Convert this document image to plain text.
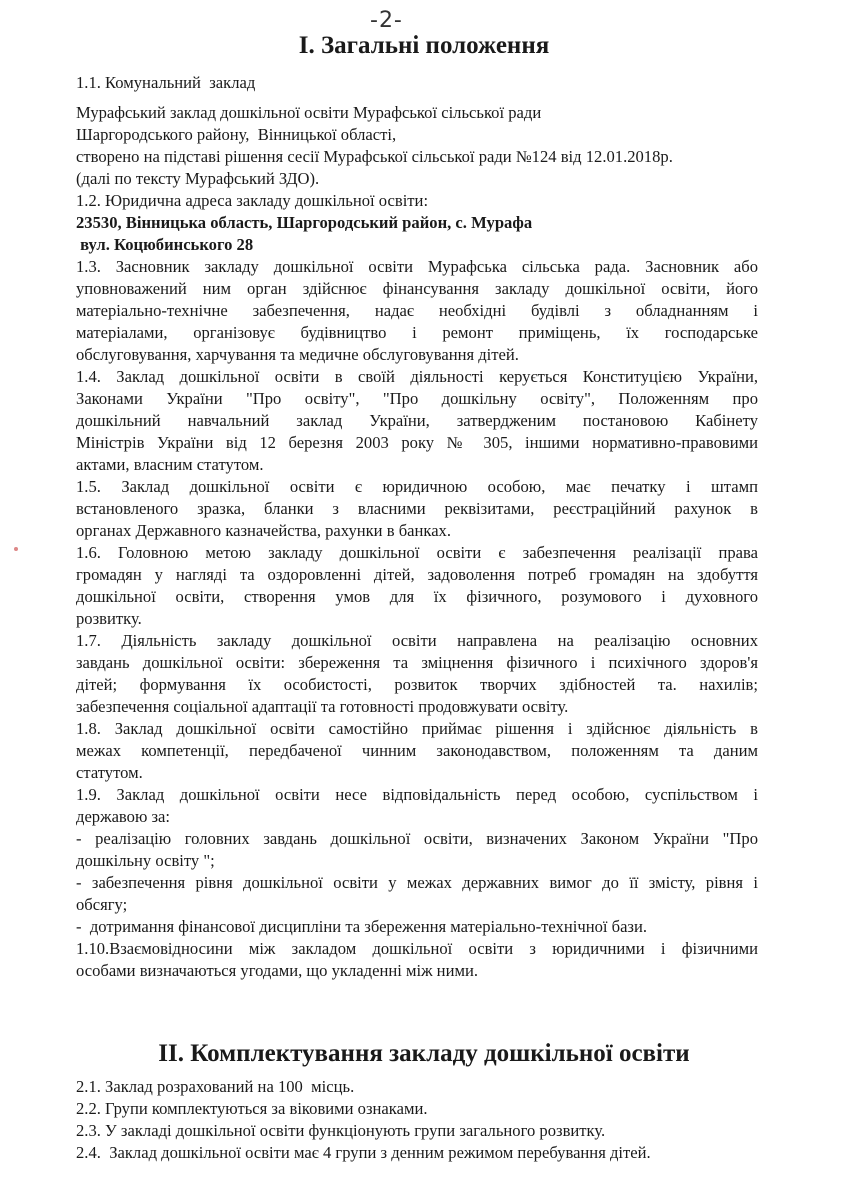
-2-
I. Загальні положення
1.1. Комунальний  заклад
Мурафський заклад дошкільної освіти Мурафської сільської ради
Шаргородського району,  Вінницької області,
створено на підставі рішення сесії Мурафської сільської ради №124 від 12.01.2018р.
(далі по тексту Мурафський ЗДО).
1.2. Юридична адреса закладу дошкільної освіти:
23530, Вінницька область, Шаргородський район, с. Мурафа
вул. Коцюбинського 28
1.3. Засновник закладу дошкільної освіти Мурафська сільська рада. Засновник або
уповноважений ним орган здійснює фінансування закладу дошкільної освіти, його
матеріально-технічне забезпечення, надає необхідні будівлі з обладнанням і
матеріалами, організовує будівництво і ремонт приміщень, їх господарське
обслуговування, харчування та медичне обслуговування дітей.
1.4. Заклад дошкільної освіти в своїй діяльності керується Конституцією України,
Законами України "Про освіту", "Про дошкільну освіту", Положенням про
дошкільний навчальний заклад України, затвердженим постановою Кабінету
Міністрів України від 12 березня 2003 року № 305, іншими нормативно-правовими
актами, власним статутом.
1.5. Заклад дошкільної освіти є юридичною особою, має печатку і штамп
встановленого зразка, бланки з власними реквізитами, реєстраційний рахунок в
органах Державного казначейства, рахунки в банках.
1.6. Головною метою закладу дошкільної освіти є забезпечення реалізації права
громадян у нагляді та оздоровленні дітей, задоволення потреб громадян на здобуття
дошкільної освіти, створення умов для їх фізичного, розумового і духовного
розвитку.
1.7. Діяльність закладу дошкільної освіти направлена на реалізацію основних
завдань дошкільної освіти: збереження та зміцнення фізичного і психічного здоров'я
дітей; формування їх особистості, розвиток творчих здібностей та. нахилів;
забезпечення соціальної адаптації та готовності продовжувати освіту.
1.8. Заклад дошкільної освіти самостійно приймає рішення і здійснює діяльність в
межах компетенції, передбаченої чинним законодавством, положенням та даним
статутом.
1.9. Заклад дошкільної освіти несе відповідальність перед особою, суспільством і
державою за:
- реалізацію головних завдань дошкільної освіти, визначених Законом України "Про
дошкільну освіту ";
- забезпечення рівня дошкільної освіти у межах державних вимог до її змісту, рівня і
обсягу;
-  дотримання фінансової дисципліни та збереження матеріально-технічної бази.
1.10.Взаємовідносини між закладом дошкільної освіти з юридичними і фізичними
особами визначаються угодами, що укладенні між ними.
II. Комплектування закладу дошкільної освіти
2.1. Заклад розрахований на 100  місць.
2.2. Групи комплектуються за віковими ознаками.
2.3. У закладі дошкільної освіти функціонують групи загального розвитку.
2.4.  Заклад дошкільної освіти має 4 групи з денним режимом перебування дітей.
